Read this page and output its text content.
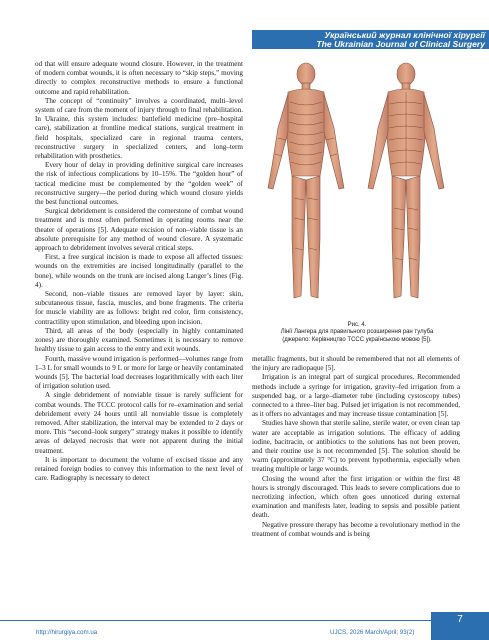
Український журнал клінічної хірургії
The Ukrainian Journal of Clinical Surgery

od that will ensure adequate wound closure. However, in the treatment of modern combat wounds, it is often necessary to “skip steps,” moving directly to complex reconstructive methods to ensure a functional outcome and rapid rehabilitation.

The concept of “continuity” involves a coordinated, multi–level system of care from the moment of injury through to final rehabilitation. In Ukraine, this system includes: battlefield medicine (pre–hospital care), stabilization at frontline medical stations, surgical treatment in field hospitals, specialized care in regional trauma centers, reconstructive surgery in specialized centers, and long–term rehabilitation with prosthetics.

Every hour of delay in providing definitive surgical care increases the risk of infectious complications by 10–15%. The “golden hour” of tactical medicine must be complemented by the “golden week” of reconstructive surgery—the period during which wound closure yields the best functional outcomes.

Surgical debridement is considered the cornerstone of combat wound treatment and is most often performed in operating rooms near the theater of operations [5]. Adequate excision of non–viable tissue is an absolute prerequisite for any method of wound closure. A systematic approach to debridement involves several critical steps.

First, a free surgical incision is made to expose all affected tissues: wounds on the extremities are incised longitudinally (parallel to the bone), while wounds on the trunk are incised along Langer’s lines (Fig. 4).

Second, non–viable tissues are removed layer by layer: skin, subcutaneous tissue, fascia, muscles, and bone fragments. The criteria for muscle viability are as follows: bright red color, firm consistency, contractility upon stimulation, and bleeding upon incision.

Third, all areas of the body (especially in highly contaminated zones) are thoroughly examined. Sometimes it is necessary to remove healthy tissue to gain access to the entry and exit wounds.

Fourth, massive wound irrigation is performed—volumes range from 1–3 L for small wounds to 9 L or more for large or heavily contaminated wounds [5]. The bacterial load decreases logarithmically with each liter of irrigation solution used.

A single debridement of nonviable tissue is rarely sufficient for combat wounds. The TCCC protocol calls for re–examination and serial debridement every 24 hours until all nonviable tissue is completely removed. After stabilization, the interval may be extended to 2 days or more. This “second–look surgery” strategy makes it possible to identify areas of delayed necrosis that were not apparent during the initial treatment.

It is important to document the volume of excised tissue and any retained foreign bodies to convey this information to the next level of care. Radiography is necessary to detect

Рис. 4.
Лінії Лангера для правильного розширення ран тулуба
(джерело: Керівництво TCCC українською мовою [5]).

metallic fragments, but it should be remembered that not all elements of the injury are radiopaque [5].

Irrigation is an integral part of surgical procedures. Recommended methods include a syringe for irrigation, gravity–fed irrigation from a suspended bag, or a large–diameter tube (including cystoscopy tubes) connected to a three–liter bag. Pulsed jet irrigation is not recommended, as it offers no advantages and may increase tissue contamination [5].

Studies have shown that sterile saline, sterile water, or even clean tap water are acceptable as irrigation solutions. The efficacy of adding iodine, bacitracin, or antibiotics to the solutions has not been proven, and their routine use is not recommended [5]. The solution should be warm (approximately 37 °C) to prevent hypothermia, especially when treating multiple or large wounds.

Closing the wound after the first irrigation or within the first 48 hours is strongly discouraged. This leads to severe complications due to necrotizing infection, which often goes unnoticed during external examination and manifests later, leading to sepsis and possible patient death.

Negative pressure therapy has become a revolutionary method in the treatment of combat wounds and is being

7
http://hirurgiya.com.ua	UJCS, 2026 March/April; 93(2)
